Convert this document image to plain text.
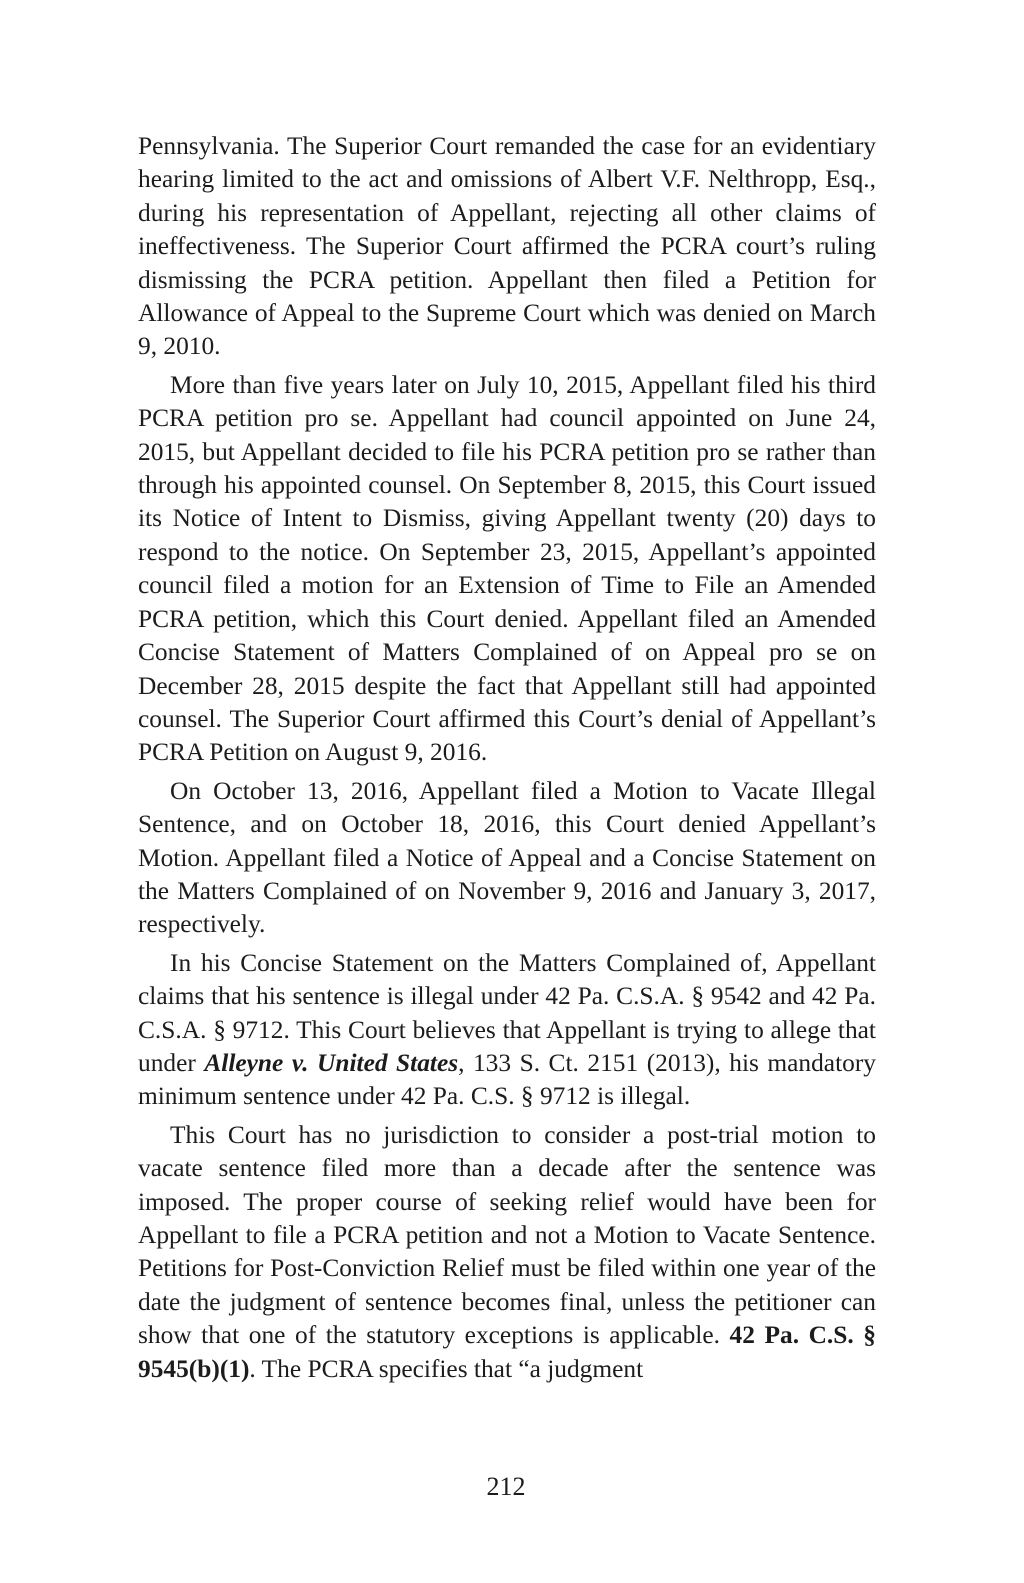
Pennsylvania. The Superior Court remanded the case for an evidentiary hearing limited to the act and omissions of Albert V.F. Nelthropp, Esq., during his representation of Appellant, rejecting all other claims of ineffectiveness. The Superior Court affirmed the PCRA court’s ruling dismissing the PCRA petition. Appellant then filed a Petition for Allowance of Appeal to the Supreme Court which was denied on March 9, 2010.

More than five years later on July 10, 2015, Appellant filed his third PCRA petition pro se. Appellant had council appointed on June 24, 2015, but Appellant decided to file his PCRA petition pro se rather than through his appointed counsel. On September 8, 2015, this Court issued its Notice of Intent to Dismiss, giving Appellant twenty (20) days to respond to the notice. On September 23, 2015, Appellant’s appointed council filed a motion for an Extension of Time to File an Amended PCRA petition, which this Court denied. Appellant filed an Amended Concise Statement of Matters Complained of on Appeal pro se on December 28, 2015 despite the fact that Appellant still had appointed counsel. The Superior Court affirmed this Court’s denial of Appellant’s PCRA Petition on August 9, 2016.

On October 13, 2016, Appellant filed a Motion to Vacate Illegal Sentence, and on October 18, 2016, this Court denied Appellant’s Motion. Appellant filed a Notice of Appeal and a Concise Statement on the Matters Complained of on November 9, 2016 and January 3, 2017, respectively.

In his Concise Statement on the Matters Complained of, Appellant claims that his sentence is illegal under 42 Pa. C.S.A. § 9542 and 42 Pa. C.S.A. § 9712. This Court believes that Appellant is trying to allege that under Alleyne v. United States, 133 S. Ct. 2151 (2013), his mandatory minimum sentence under 42 Pa. C.S. § 9712 is illegal.

This Court has no jurisdiction to consider a post-trial motion to vacate sentence filed more than a decade after the sentence was imposed. The proper course of seeking relief would have been for Appellant to file a PCRA petition and not a Motion to Vacate Sentence. Petitions for Post-Conviction Relief must be filed within one year of the date the judgment of sentence becomes final, unless the petitioner can show that one of the statutory exceptions is applicable. 42 Pa. C.S. § 9545(b)(1). The PCRA specifies that “a judgment

212
